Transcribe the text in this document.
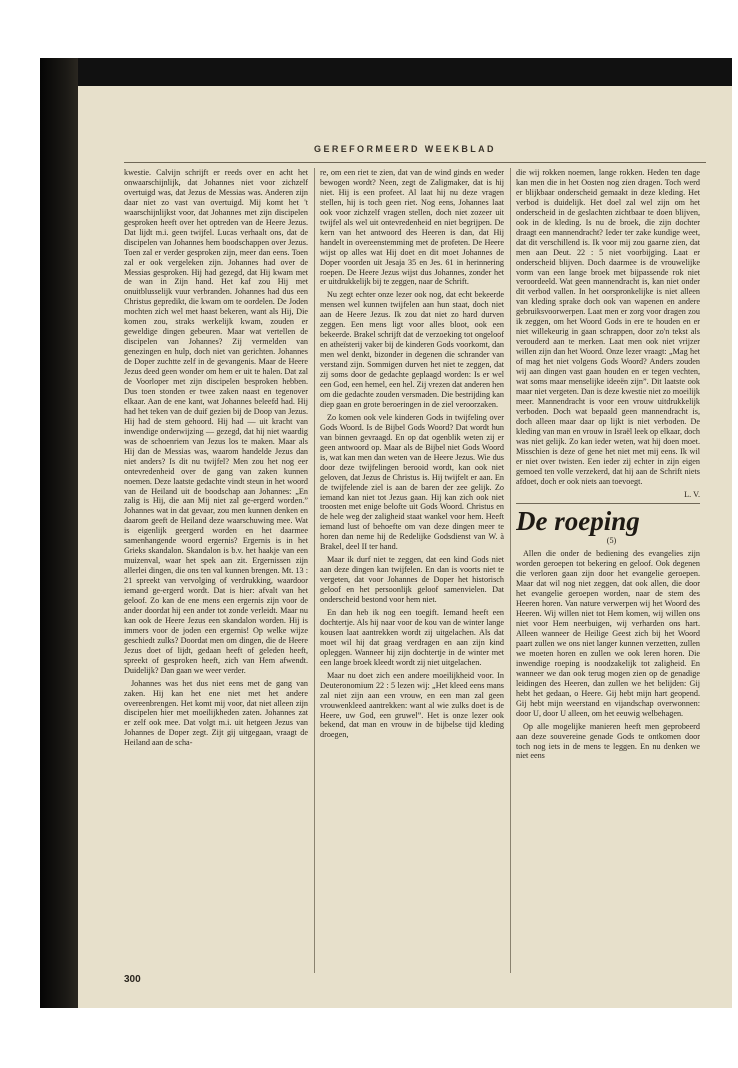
GEREFORMEERD WEEKBLAD

kwestie. Calvijn schrijft er reeds over en acht het onwaarschijnlijk, dat Johannes niet voor zichzelf overtuigd was, dat Jezus de Messias was. Anderen zijn daar niet zo vast van overtuigd. Mij komt het 't waarschijnlijkst voor, dat Johannes met zijn discipelen gesproken heeft over het optreden van de Heere Jezus. Dat lijdt m.i. geen twijfel. Lucas verhaalt ons, dat de discipelen van Johannes hem boodschappen over Jezus. Toen zal er verder gesproken zijn, meer dan eens. Toen zal er ook vergeleken zijn. Johannes had over de Messias gesproken. Hij had gezegd, dat Hij kwam met de wan in Zijn hand. Het kaf zou Hij met onuitblusselijk vuur verbranden. Johannes had dus een Christus gepredikt, die kwam om te oordelen. De Joden mochten zich wel met haast bekeren, want als Hij, Die komen zou, straks werkelijk kwam, zouden er geweldige dingen gebeuren. Maar wat vertellen de discipelen van Johannes? Zij vermelden van genezingen en hulp, doch niet van gerichten. Johannes de Doper zuchtte zelf in de gevangenis. Maar de Heere Jezus deed geen wonder om hem er uit te halen. Dat zal de Voorloper met zijn discipelen besproken hebben. Dus toen stonden er twee zaken naast en tegenover elkaar. Aan de ene kant, wat Johannes beleefd had. Hij had het teken van de duif gezien bij de Doop van Jezus. Hij had de stem gehoord. Hij had — uit kracht van inwendige onderwijzing — gezegd, dat hij niet waardig was de schoenriem van Jezus los te maken. Maar als Hij dan de Messias was, waarom handelde Jezus dan niet anders? Is dit nu twijfel? Men zou het nog eer ontevredenheid over de gang van zaken kunnen noemen. Deze laatste gedachte vindt steun in het woord van de Heiland uit de boodschap aan Johannes: „En zalig is Hij, die aan Mij niet zal ge-ergerd worden.” Johannes wat in dat gevaar, zou men kunnen denken en daarom geeft de Heiland deze waarschuwing mee. Wat is eigenlijk geergerd worden en het daarmee samenhangende woord ergernis? Ergernis is in het Grieks skandalon. Skandalon is b.v. het haakje van een muizenval, waar het spek aan zit. Ergernissen zijn allerlei dingen, die ons ten val kunnen brengen. Mt. 13 : 21 spreekt van vervolging of verdrukking, waardoor iemand ge-ergerd wordt. Dat is hier: afvalt van het geloof. Zo kan de ene mens een ergernis zijn voor de ander doordat hij een ander tot zonde verleidt. Maar nu kan ook de Heere Jezus een skandalon worden. Hij is immers voor de joden een ergernis! Op welke wijze geschiedt zulks? Doordat men om dingen, die de Heere Jezus doet of lijdt, gedaan heeft of geleden heeft, spreekt of gesproken heeft, zich van Hem afwendt. Duidelijk? Dan gaan we weer verder.

Johannes was het dus niet eens met de gang van zaken. Hij kan het ene niet met het andere overeenbrengen. Het komt mij voor, dat niet alleen zijn discipelen hier met moeilijkheden zaten. Johannes zat er zelf ook mee. Dat volgt m.i. uit hetgeen Jezus van Johannes de Doper zegt. Zijt gij uitgegaan, vraagt de Heiland aan de scha-

re, om een riet te zien, dat van de wind ginds en weder bewogen wordt? Neen, zegt de Zaligmaker, dat is hij niet. Hij is een profeet. Al laat hij nu deze vragen stellen, hij is toch geen riet. Nog eens, Johannes laat ook voor zichzelf vragen stellen, doch niet zozeer uit twijfel als wel uit ontevredenheid en niet begrijpen. De kern van het antwoord des Heeren is dan, dat Hij handelt in overeenstemming met de profeten. De Heere wijst op alles wat Hij doet en dit moet Johannes de Doper voorden uit Jesaja 35 en Jes. 61 in herinnering roepen. De Heere Jezus wijst dus Johannes, zonder het er uitdrukkelijk bij te zeggen, naar de Schrift.

Nu zegt echter onze lezer ook nog, dat echt bekeerde mensen wel kunnen twijfelen aan hun staat, doch niet aan de Heere Jezus. Ik zou dat niet zo hard durven zeggen. Een mens ligt voor alles bloot, ook een bekeerde. Brakel schrijft dat de verzoeking tot ongeloof en atheïsterij vaker bij de kinderen Gods voorkomt, dan men wel denkt, bizonder in degenen die schrander van verstand zijn. Sommigen durven het niet te zeggen, dat zij soms door de gedachte geplaagd worden: Is er wel een God, een hemel, een hel. Zij vrezen dat anderen hen om die gedachte zouden versmaden. Die bestrijding kan diep gaan en grote beroeringen in de ziel veroorzaken.

Zo komen ook vele kinderen Gods in twijfeling over Gods Woord. Is de Bijbel Gods Woord? Dat wordt hun van binnen gevraagd. En op dat ogenblik weten zij er geen antwoord op. Maar als de Bijbel niet Gods Woord is, wat kan men dan weten van de Heere Jezus. Wie dus door deze twijfelingen berooid wordt, kan ook niet geloven, dat Jezus de Christus is. Hij twijfelt er aan. En de twijfelende ziel is aan de baren der zee gelijk. Zo iemand kan niet tot Jezus gaan. Hij kan zich ook niet troosten met enige belofte uit Gods Woord. Christus en de hele weg der zaligheid staat wankel voor hem. Heeft iemand lust of behoefte om van deze dingen meer te horen dan neme hij de Redelijke Godsdienst van W. à Brakel, deel II ter hand.

Maar ik durf niet te zeggen, dat een kind Gods niet aan deze dingen kan twijfelen. En dan is voorts niet te vergeten, dat voor Johannes de Doper het historisch geloof en het persoonlijk geloof samenvielen. Dat onderscheid bestond voor hem niet.

En dan heb ik nog een toegift. Iemand heeft een dochtertje. Als hij naar voor de kou van de winter lange kousen laat aantrekken wordt zij uitgelachen. Als dat moet wil hij dat graag verdragen en aan zijn kind opleggen. Wanneer hij zijn dochtertje in de winter met een lange broek kleedt wordt zij niet uitgelachen.

Maar nu doet zich een andere moeilijkheid voor. In Deuteronomium 22 : 5 lezen wij: „Het kleed eens mans zal niet zijn aan een vrouw, en een man zal geen vrouwenkleed aantrekken: want al wie zulks doet is de Heere, uw God, een gruwel”. Het is onze lezer ook bekend, dat man en vrouw in de bijbelse tijd kleding droegen,

die wij rokken noemen, lange rokken. Heden ten dage kan men die in het Oosten nog zien dragen. Toch werd er blijkbaar onderscheid gemaakt in deze kleding. Het verbod is duidelijk. Het doel zal wel zijn om het onderscheid in de geslachten zichtbaar te doen blijven, ook in de kleding. Is nu de broek, die zijn dochter draagt een mannendracht? Ieder ter zake kundige weet, dat dit verschillend is. Ik voor mij zou gaarne zien, dat men aan Deut. 22 : 5 niet voorbijging. Laat er onderscheid blijven. Doch daarmee is de vrouwelijke vorm van een lange broek met bijpassende rok niet veroordeeld. Wat geen mannendracht is, kan niet onder dit verbod vallen. In het oorspronkelijke is niet alleen van kleding sprake doch ook van wapenen en andere gebruiksvoorwerpen. Laat men er zorg voor dragen zou ik zeggen, om het Woord Gods in ere te houden en er niet willekeurig in gaan schrappen, door zo'n tekst als verouderd aan te merken. Laat men ook niet vrijzer willen zijn dan het Woord. Onze lezer vraagt: „Mag het of mag het niet volgens Gods Woord? Anders zouden wij aan dingen vast gaan houden en er tegen vechten, wat soms maar menselijke ideeën zijn”. Dit laatste ook maar niet vergeten. Dan is deze kwestie niet zo moeilijk meer. Mannendracht is voor een vrouw uitdrukkelijk verboden. Doch wat bepaald geen mannendracht is, doch alleen maar daar op lijkt is niet verboden. De kleding van man en vrouw in Israël leek op elkaar, doch was niet gelijk. Zo kan ieder weten, wat hij doen moet. Misschien is deze of gene het niet met mij eens. Ik wil er niet over twisten. Een ieder zij echter in zijn eigen gemoed ten volle verzekerd, dat hij aan de Schrift niets afdoet, doch er ook niets aan toevoegt.

L. V.

De roeping

(5)

Allen die onder de bediening des evangelies zijn worden geroepen tot bekering en geloof. Ook degenen die verloren gaan zijn door het evangelie geroepen. Maar dat wil nog niet zeggen, dat ook allen, die door het evangelie geroepen worden, naar de stem des Heeren horen. Van nature verwerpen wij het Woord des Heeren. Wij willen niet tot Hem komen, wij willen ons niet voor Hem neerbuigen, wij verharden ons hart. Alleen wanneer de Heilige Geest zich bij het Woord paart zullen we ons niet langer kunnen verzetten, zullen we moeten horen en zullen we ook leren horen. Die inwendige roeping is noodzakelijk tot zaligheid. En wanneer we dan ook terug mogen zien op de genadige leidingen des Heeren, dan zullen we het belijden: Gij hebt het gedaan, o Heere. Gij hebt mijn hart geopend. Gij hebt mijn weerstand en vijandschap overwonnen: door U, door U alleen, om het eeuwig welbehagen.

Op alle mogelijke manieren heeft men geprobeerd aan deze souvereine genade Gods te ontkomen door toch nog iets in de mens te leggen. En nu denken we niet eens

300
